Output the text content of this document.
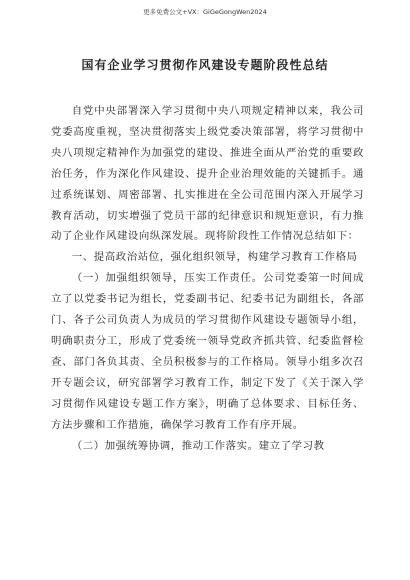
更多免费公文+VX：GiGeGongWen2024
国有企业学习贯彻作风建设专题阶段性总结

自党中央部署深入学习贯彻中央八项规定精神以来，我公司党委高度重视，坚决贯彻落实上级党委决策部署，将学习贯彻中央八项规定精神作为加强党的建设、推进全面从严治党的重要政治任务，作为深化作风建设、提升企业治理效能的关键抓手。通过系统谋划、周密部署、扎实推进在全公司范围内深入开展学习教育活动，切实增强了党员干部的纪律意识和规矩意识，有力推动了企业作风建设向纵深发展。现将阶段性工作情况总结如下：

一、提高政治站位，强化组织领导，构建学习教育工作格局

（一）加强组织领导，压实工作责任。公司党委第一时间成立了以党委书记为组长，党委副书记、纪委书记为副组长，各部门、各子公司负责人为成员的学习贯彻作风建设专题领导小组，明确职责分工，形成了党委统一领导党政齐抓共管、纪委监督检查、部门各负其责、全员积极参与的工作格局。领导小组多次召开专题会议，研究部署学习教育工作，制定下发了《关于深入学习贯彻作风建设专题工作方案》，明确了总体要求、目标任务、方法步骤和工作措施，确保学习教育工作有序开展。

（二）加强统筹协调，推动工作落实。建立了学习教
